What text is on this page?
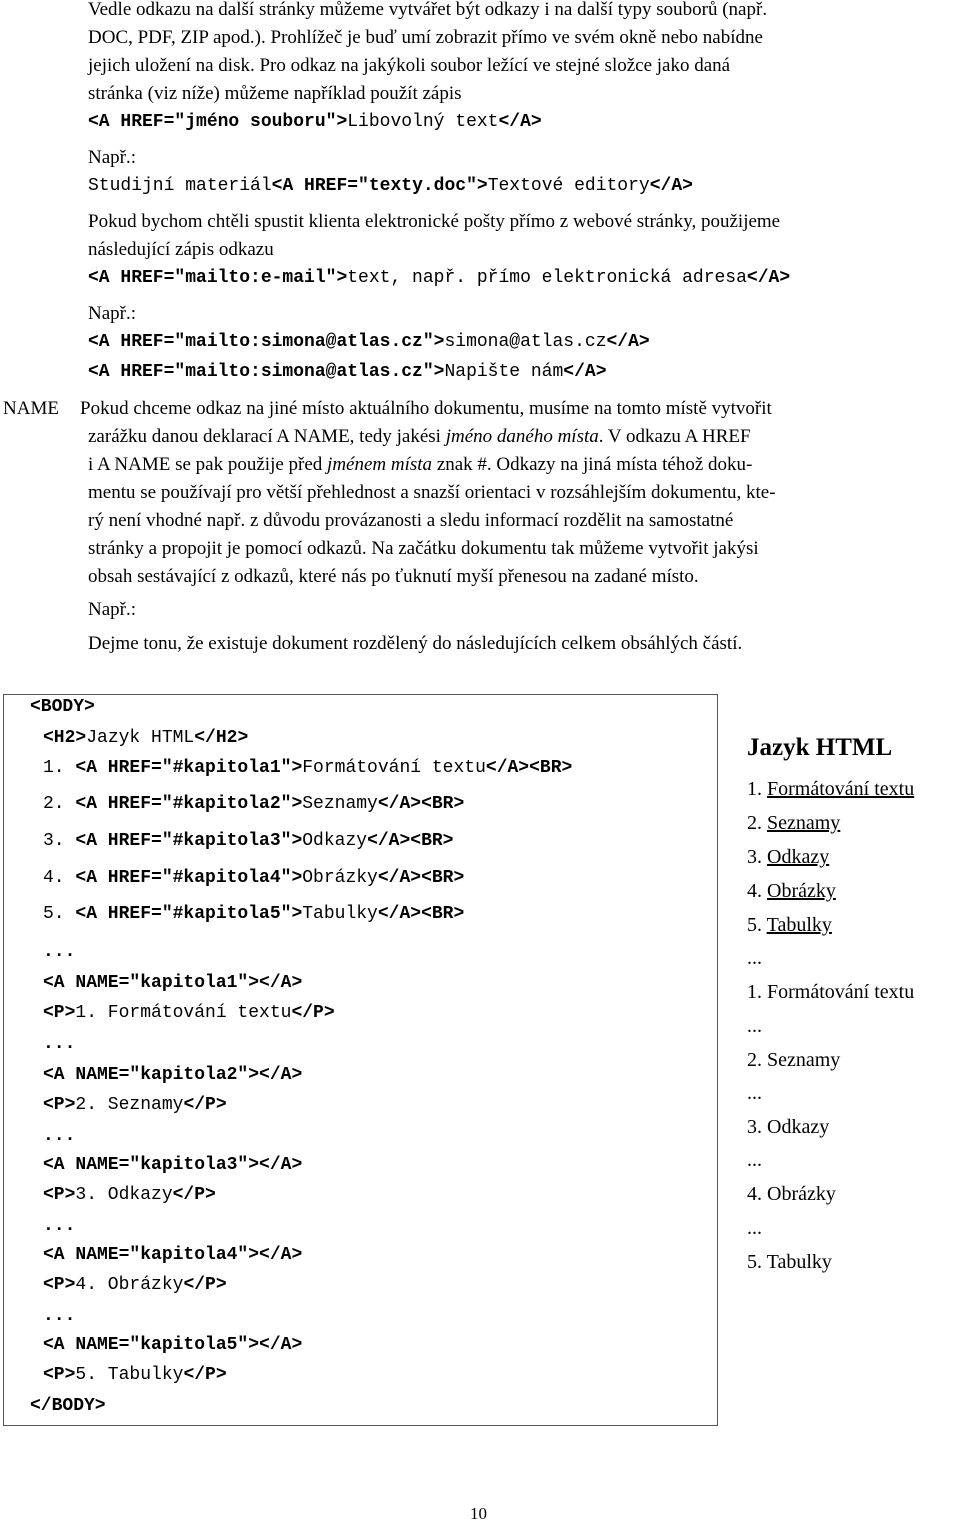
Vedle odkazu na další stránky můžeme vytvářet být odkazy i na další typy souborů (např.
DOC, PDF, ZIP apod.). Prohlížeč je buď umí zobrazit přímo ve svém okně nebo nabídne
jejich uložení na disk. Pro odkaz na jakýkoli soubor ležící ve stejné složce jako daná
stránka (viz níže) můžeme například použít zápis
<A HREF="jméno souboru">Libovolný text</A>
Např.:
Studijní materiál<A HREF="texty.doc">Textové editory</A>
Pokud bychom chtěli spustit klienta elektronické pošty přímo z webové stránky, použijeme
následující zápis odkazu
<A HREF="mailto:e-mail">text, např. přímo elektronická adresa</A>
Např.:
<A HREF="mailto:simona@atlas.cz">simona@atlas.cz</A>
<A HREF="mailto:simona@atlas.cz">Napište nám</A>
NAME Pokud chceme odkaz na jiné místo aktuálního dokumentu, musíme na tomto místě vytvořit
zarážku danou deklarací A NAME, tedy jakési jméno daného místa. V odkazu A HREF
i A NAME se pak použije před jménem místa znak #. Odkazy na jiná místa téhož doku-
mentu se používají pro větší přehlednost a snazší orientaci v rozsáhlejším dokumentu, kte-
rý není vhodné např. z důvodu provázanosti a sledu informací rozdělit na samostatné
stránky a propojit je pomocí odkazů. Na začátku dokumentu tak můžeme vytvořit jakýsi
obsah sestávající z odkazů, které nás po ťuknutí myší přenesou na zadané místo.
Např.:
Dejme tonu, že existuje dokument rozdělený do následujících celkem obsáhlých částí.
<BODY>
<H2>Jazyk HTML</H2>
1. <A HREF="#kapitola1">Formátování textu</A><BR>
2. <A HREF="#kapitola2">Seznamy</A><BR>
3. <A HREF="#kapitola3">Odkazy</A><BR>
4. <A HREF="#kapitola4">Obrázky</A><BR>
5. <A HREF="#kapitola5">Tabulky</A><BR>
...
<A NAME="kapitola1"></A>
<P>1. Formátování textu</P>
...
<A NAME="kapitola2"></A>
<P>2. Seznamy</P>
...
<A NAME="kapitola3"></A>
<P>3. Odkazy</P>
...
<A NAME="kapitola4"></A>
<P>4. Obrázky</P>
...
<A NAME="kapitola5"></A>
<P>5. Tabulky</P>
</BODY>
Jazyk HTML
1. Formátování textu
2. Seznamy
3. Odkazy
4. Obrázky
5. Tabulky
...
1. Formátování textu
...
2. Seznamy
...
3. Odkazy
...
4. Obrázky
...
5. Tabulky
10
